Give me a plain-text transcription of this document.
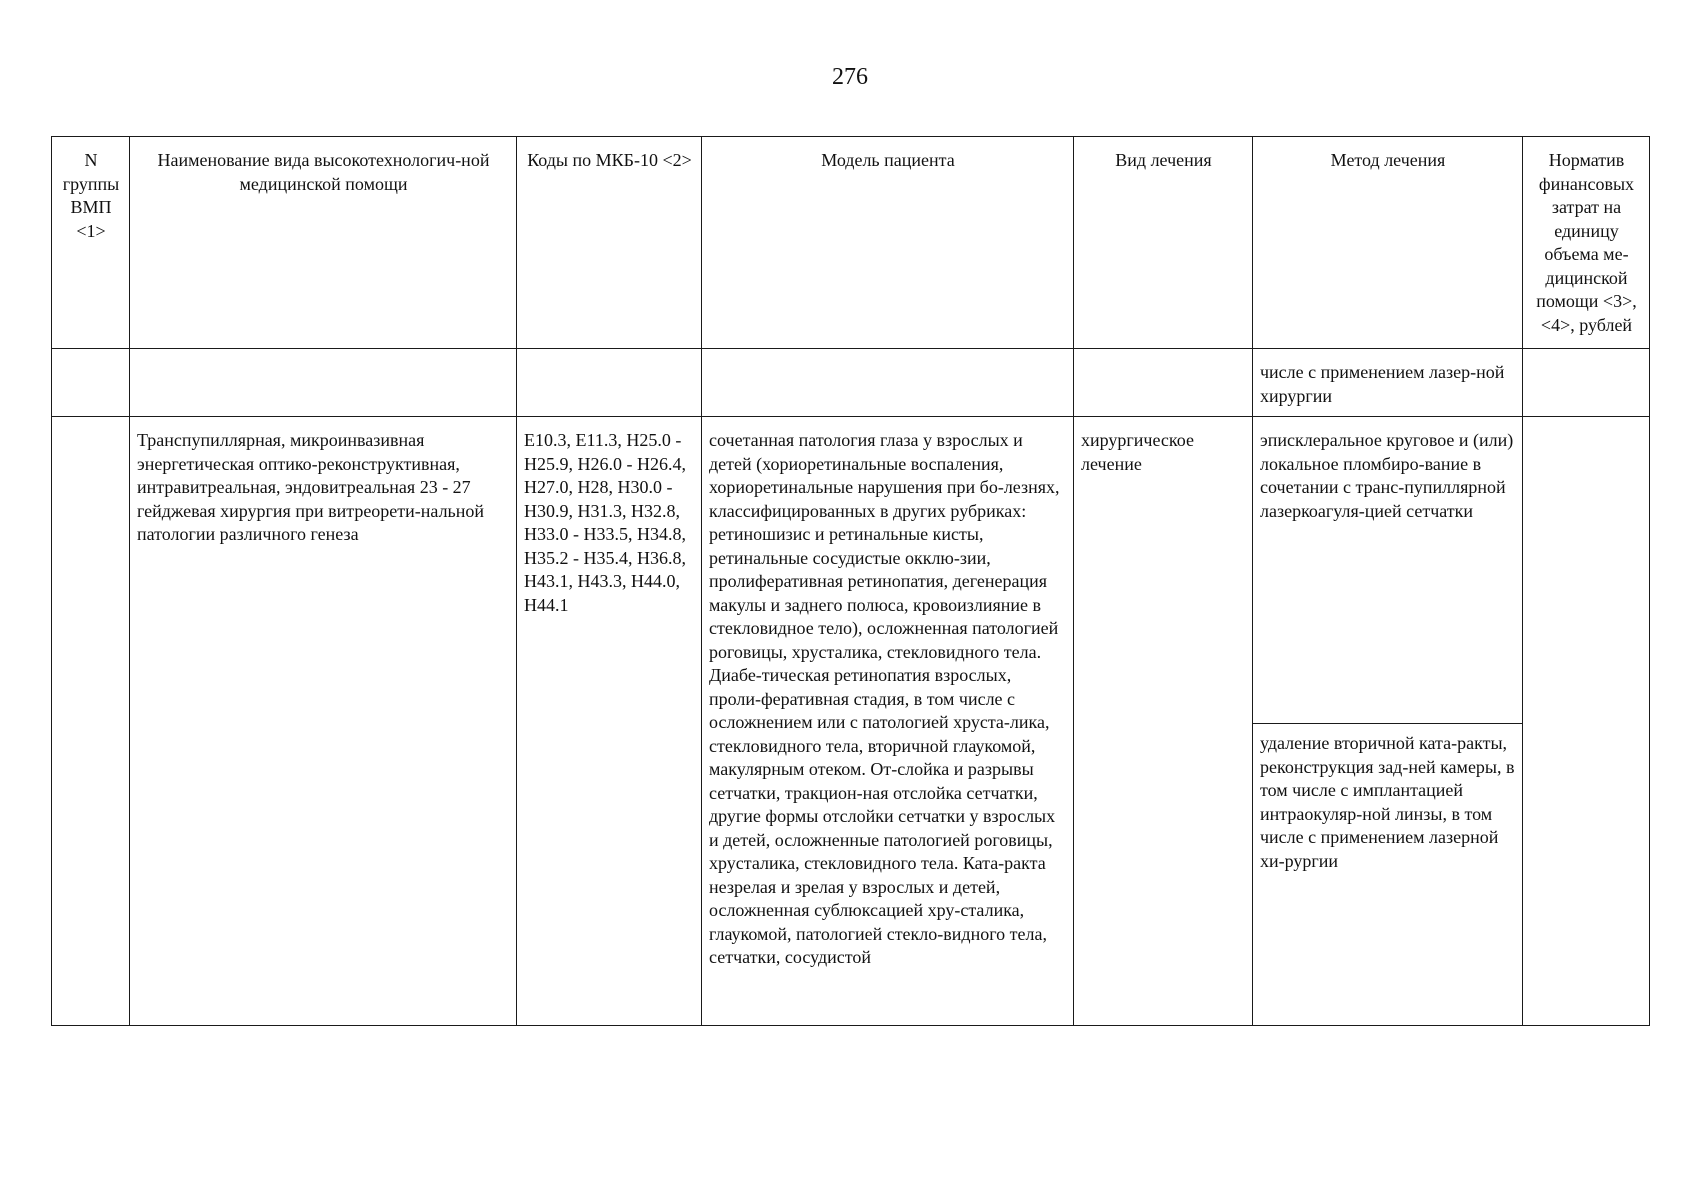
276
N группы ВМП <1>	Наименование вида высокотехнологич-ной медицинской помощи	Коды по МКБ-10 <2>	Модель пациента	Вид лечения	Метод лечения	Норматив финансовых затрат на единицу объема ме-дицинской помощи <3>, <4>, рублей
					числе с применением лазер-ной хирургии	
	Транспупиллярная, микроинвазивная энергетическая оптико-реконструктивная, интравитреальная, эндовитреальная 23 - 27 гейджевая хирургия при витреорети-нальной патологии различного генеза	E10.3, E11.3, H25.0 - H25.9, H26.0 - H26.4, H27.0, H28, H30.0 - H30.9, H31.3, H32.8, H33.0 - H33.5, H34.8, H35.2 - H35.4, H36.8, H43.1, H43.3, H44.0, H44.1	сочетанная патология глаза у взрослых и детей (хориоретинальные воспаления, хориоретинальные нарушения при бо-лезнях, классифицированных в других рубриках: ретиношизис и ретинальные кисты, ретинальные сосудистые окклю-зии, пролиферативная ретинопатия, дегенерация макулы и заднего полюса, кровоизлияние в стекловидное тело), осложненная патологией роговицы, хрусталика, стекловидного тела. Диабе-тическая ретинопатия взрослых, проли-феративная стадия, в том числе с осложнением или с патологией хруста-лика, стекловидного тела, вторичной глаукомой, макулярным отеком. От-слойка и разрывы сетчатки, тракцион-ная отслойка сетчатки, другие формы отслойки сетчатки у взрослых и детей, осложненные патологией роговицы, хрусталика, стекловидного тела. Ката-ракта незрелая и зрелая у взрослых и детей, осложненная сублюксацией хру-сталика, глаукомой, патологией стекло-видного тела, сетчатки, сосудистой	хирургическое лечение	эписклеральное круговое и (или) локальное пломбиро-вание в сочетании с транс-пупиллярной лазеркоагуля-цией сетчатки	
					удаление вторичной ката-ракты, реконструкция зад-ней камеры, в том числе с имплантацией интраокуляр-ной линзы, в том числе с применением лазерной хи-рургии	
